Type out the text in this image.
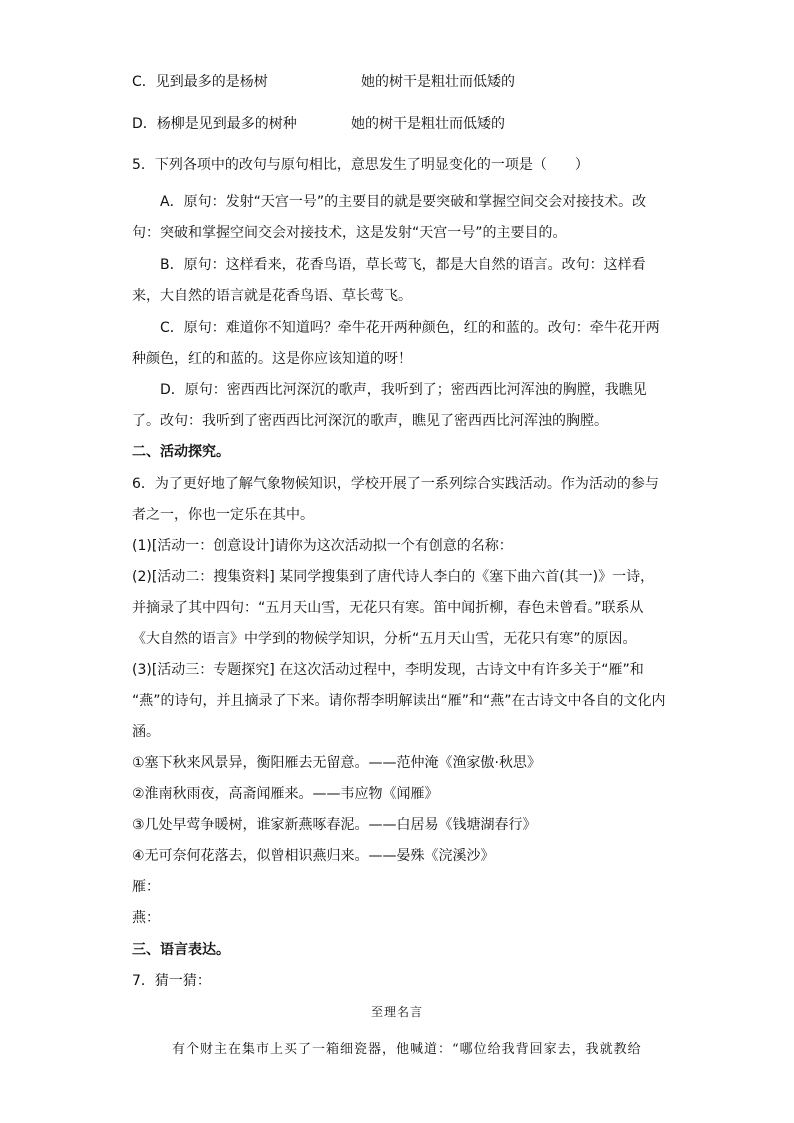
C．见到最多的是杨树	她的树干是粗壮而低矮的
D．杨柳是见到最多的树种	她的树干是粗壮而低矮的
5．下列各项中的改句与原句相比，意思发生了明显变化的一项是（　　）
A．原句：发射“天宫一号”的主要目的就是要突破和掌握空间交会对接技术。改
句：突破和掌握空间交会对接技术，这是发射“天宫一号”的主要目的。
B．原句：这样看来，花香鸟语，草长莺飞，都是大自然的语言。改句：这样看
来，大自然的语言就是花香鸟语、草长莺飞。
C．原句：难道你不知道吗？牵牛花开两种颜色，红的和蓝的。改句：牵牛花开两
种颜色，红的和蓝的。这是你应该知道的呀！
D．原句：密西西比河深沉的歌声，我听到了；密西西比河浑浊的胸膛，我瞧见
了。改句：我听到了密西西比河深沉的歌声，瞧见了密西西比河浑浊的胸膛。
二、活动探究。
6．为了更好地了解气象物候知识，学校开展了一系列综合实践活动。作为活动的参与
者之一，你也一定乐在其中。
(1)[活动一：创意设计]请你为这次活动拟一个有创意的名称：
(2)[活动二：搜集资料] 某同学搜集到了唐代诗人李白的《塞下曲六首(其一)》一诗，
并摘录了其中四句：“五月天山雪，无花只有寒。笛中闻折柳，春色未曾看。”联系从
《大自然的语言》中学到的物候学知识，分析“五月天山雪，无花只有寒”的原因。
(3)[活动三：专题探究] 在这次活动过程中，李明发现，古诗文中有许多关于“雁”和
“燕”的诗句，并且摘录了下来。请你帮李明解读出“雁”和“燕”在古诗文中各自的文化内
涵。
①塞下秋来风景异，衡阳雁去无留意。——范仲淹《渔家傲·秋思》
②淮南秋雨夜，高斋闻雁来。——韦应物《闻雁》
③几处早莺争暖树，谁家新燕啄春泥。——白居易《钱塘湖春行》
④无可奈何花落去，似曾相识燕归来。——晏殊《浣溪沙》
雁：
燕：
三、语言表达。
7．猜一猜：
至理名言
有个财主在集市上买了一箱细瓷器，他喊道：“哪位给我背回家去，我就教给
